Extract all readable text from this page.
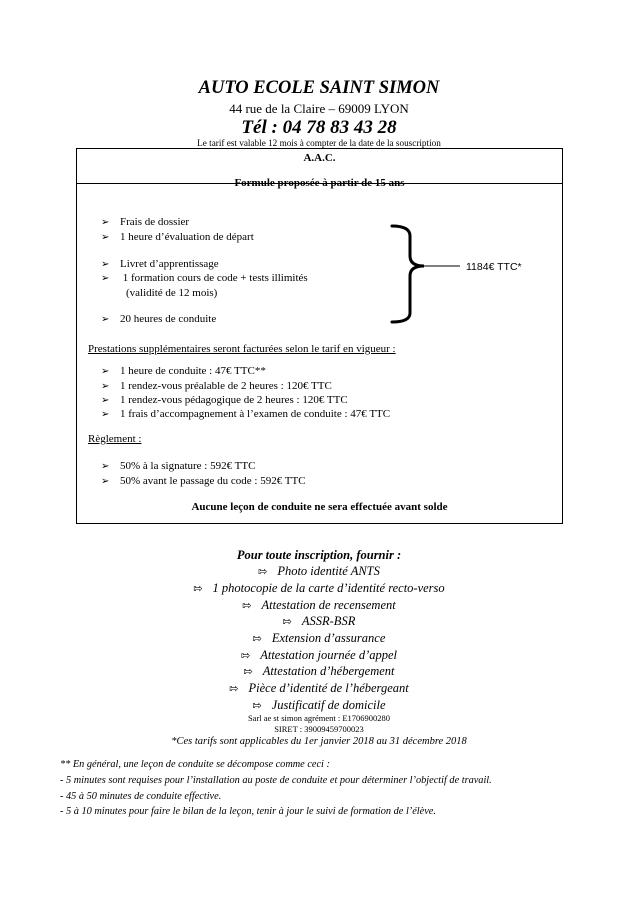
AUTO ECOLE SAINT SIMON
44 rue de la Claire – 69009 LYON
Tél : 04 78 83 43 28
Le tarif est valable 12 mois à compter de la date de la souscription
A.A.C.
Formule proposée à partir de 15 ans
➢ Frais de dossier
➢ 1 heure d’évaluation de départ
➢ Livret d’apprentissage
➢ 1 formation cours de code + tests illimités
(validité de 12 mois)
➢ 20 heures de conduite
Prestations supplémentaires seront facturées selon le tarif en vigueur :
➢ 1 heure de conduite : 47€ TTC**
➢ 1 rendez-vous préalable de 2 heures : 120€ TTC
➢ 1 rendez-vous pédagogique de 2 heures : 120€ TTC
➢ 1 frais d’accompagnement à l’examen de conduite : 47€ TTC
Règlement :
➢ 50% à la signature : 592€ TTC
➢ 50% avant le passage du code : 592€ TTC
Aucune leçon de conduite ne sera effectuée avant solde
1184€ TTC*
Pour toute inscription, fournir :
⇰ Photo identité ANTS
⇰ 1 photocopie de la carte d’identité recto-verso
⇰ Attestation de recensement
⇰ ASSR-BSR
⇰ Extension d’assurance
⇰ Attestation journée d’appel
⇰ Attestation d’hébergement
⇰ Pièce d’identité de l’hébergeant
⇰ Justificatif de domicile
Sarl ae st simon agrément : E1706900280
SIRET : 39009459700023
*Ces tarifs sont applicables du 1er janvier 2018 au 31 décembre 2018
** En général, une leçon de conduite se décompose comme ceci :
- 5 minutes sont requises pour l’installation au poste de conduite et pour déterminer l’objectif de travail.
- 45 à 50 minutes de conduite effective.
- 5 à 10 minutes pour faire le bilan de la leçon, tenir à jour le suivi de formation de l’élève.
